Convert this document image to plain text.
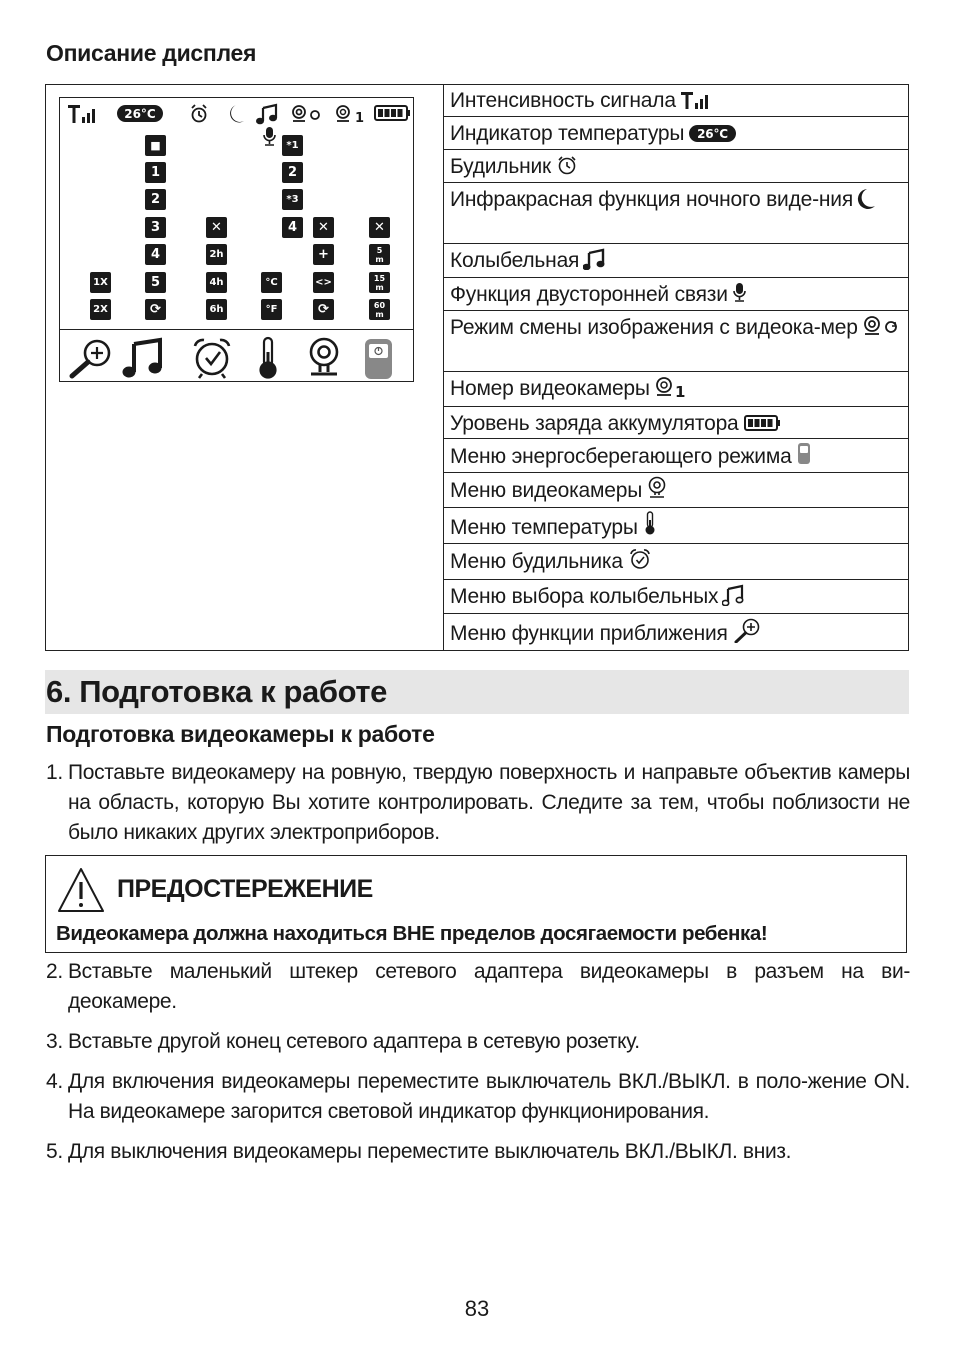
Описание дисплея
26°C	1
1X
2X
■
1
2
3
4
5
⟳
✕
2h
4h
6h
°C
°F
*1
2
*3
4	✕
+
<>
⟳
✕
5
m
15
m
60
m
Интенсивность сигнала
Индикатор температуры 26°C
Будильник
Инфракрасная функция ночного виде-ния
Колыбельная
Функция двусторонней связи
Режим смены изображения с видеока-мер
Номер видеокамеры 1
Уровень заряда аккумулятора
Меню энергосберегающего режима
Меню видеокамеры
Меню температуры
Меню будильника
Меню выбора колыбельных
Меню функции приближения
6. Подготовка к работе
Подготовка видеокамеры к работе
1. Поставьте видеокамеру на ровную, твердую поверхность и направьте объектив камеры на область, которую Вы хотите контролировать. Следите за тем, чтобы поблизости не было никаких других электроприборов.
ПРЕДОСТЕРЕЖЕНИЕ
Видеокамера должна находиться ВНЕ пределов досягаемости ребенка!
2. Вставьте маленький штекер сетевого адаптера видеокамеры в разъем на ви-деокамере.
3. Вставьте другой конец сетевого адаптера в сетевую розетку.
4. Для включения видеокамеры переместите выключатель ВКЛ./ВЫКЛ. в поло-жение ON. На видеокамере загорится световой индикатор функционирования.
5. Для выключения видеокамеры переместите выключатель ВКЛ./ВЫКЛ. вниз.
83
